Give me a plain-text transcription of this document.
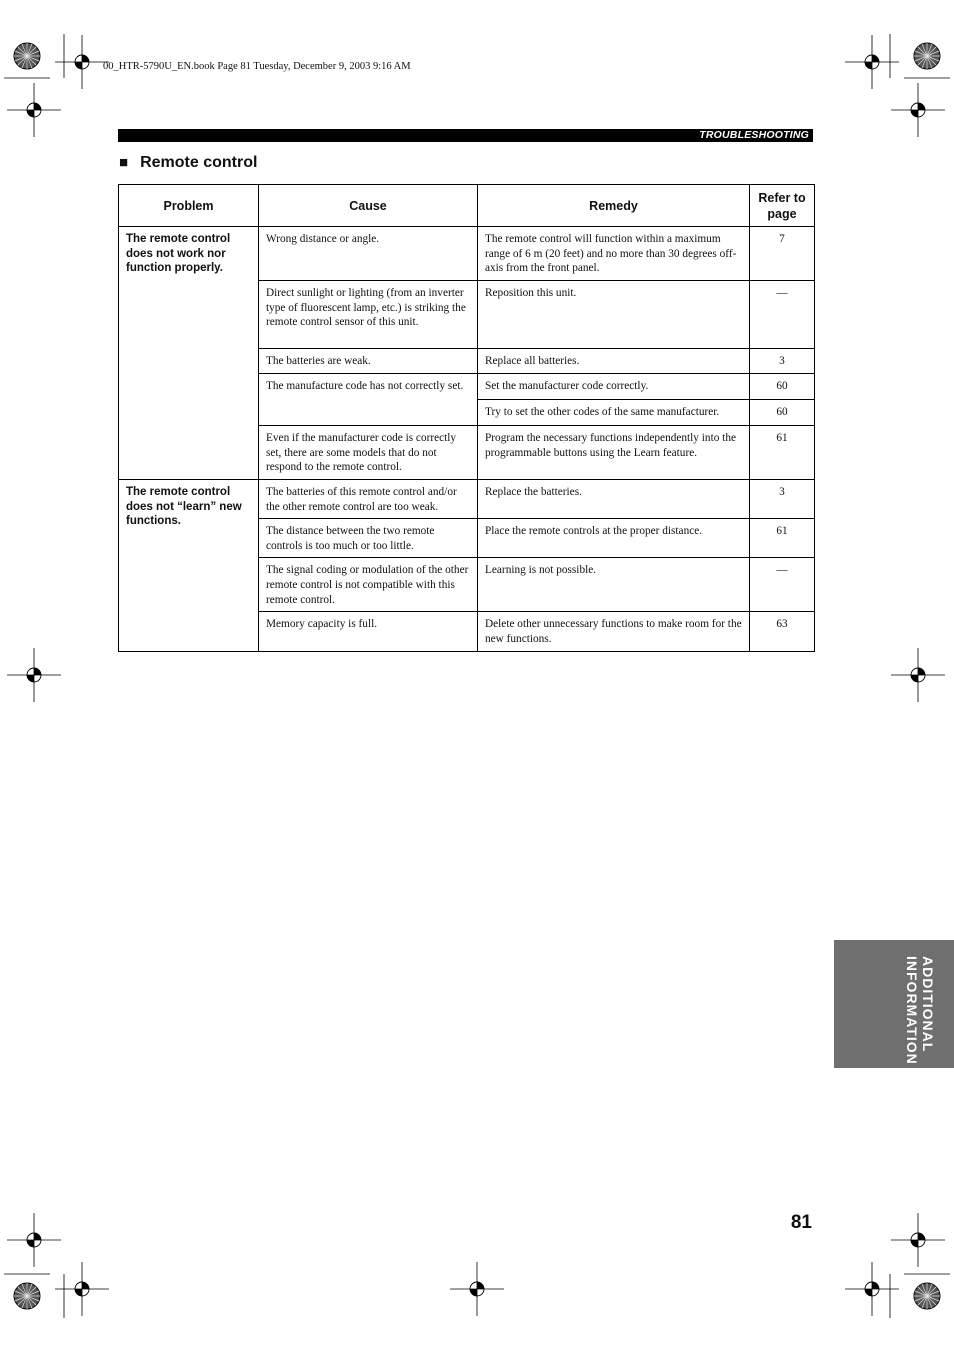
00_HTR-5790U_EN.book Page 81 Tuesday, December 9, 2003 9:16 AM
TROUBLESHOOTING
■ Remote control
Problem	Cause	Remedy	Refer to page
The remote control does not work nor function properly.	Wrong distance or angle.	The remote control will function within a maximum range of 6 m (20 feet) and no more than 30 degrees off-axis from the front panel.	7
	Direct sunlight or lighting (from an inverter type of fluorescent lamp, etc.) is striking the remote control sensor of this unit.	Reposition this unit.	—
	The batteries are weak.	Replace all batteries.	3
	The manufacture code has not correctly set.	Set the manufacturer code correctly.	60
		Try to set the other codes of the same manufacturer.	60
	Even if the manufacturer code is correctly set, there are some models that do not respond to the remote control.	Program the necessary functions independently into the programmable buttons using the Learn feature.	61
The remote control does not “learn” new functions.	The batteries of this remote control and/or the other remote control are too weak.	Replace the batteries.	3
	The distance between the two remote controls is too much or too little.	Place the remote controls at the proper distance.	61
	The signal coding or modulation of the other remote control is not compatible with this remote control.	Learning is not possible.	—
	Memory capacity is full.	Delete other unnecessary functions to make room for the new functions.	63
ADDITIONAL
INFORMATION
81
